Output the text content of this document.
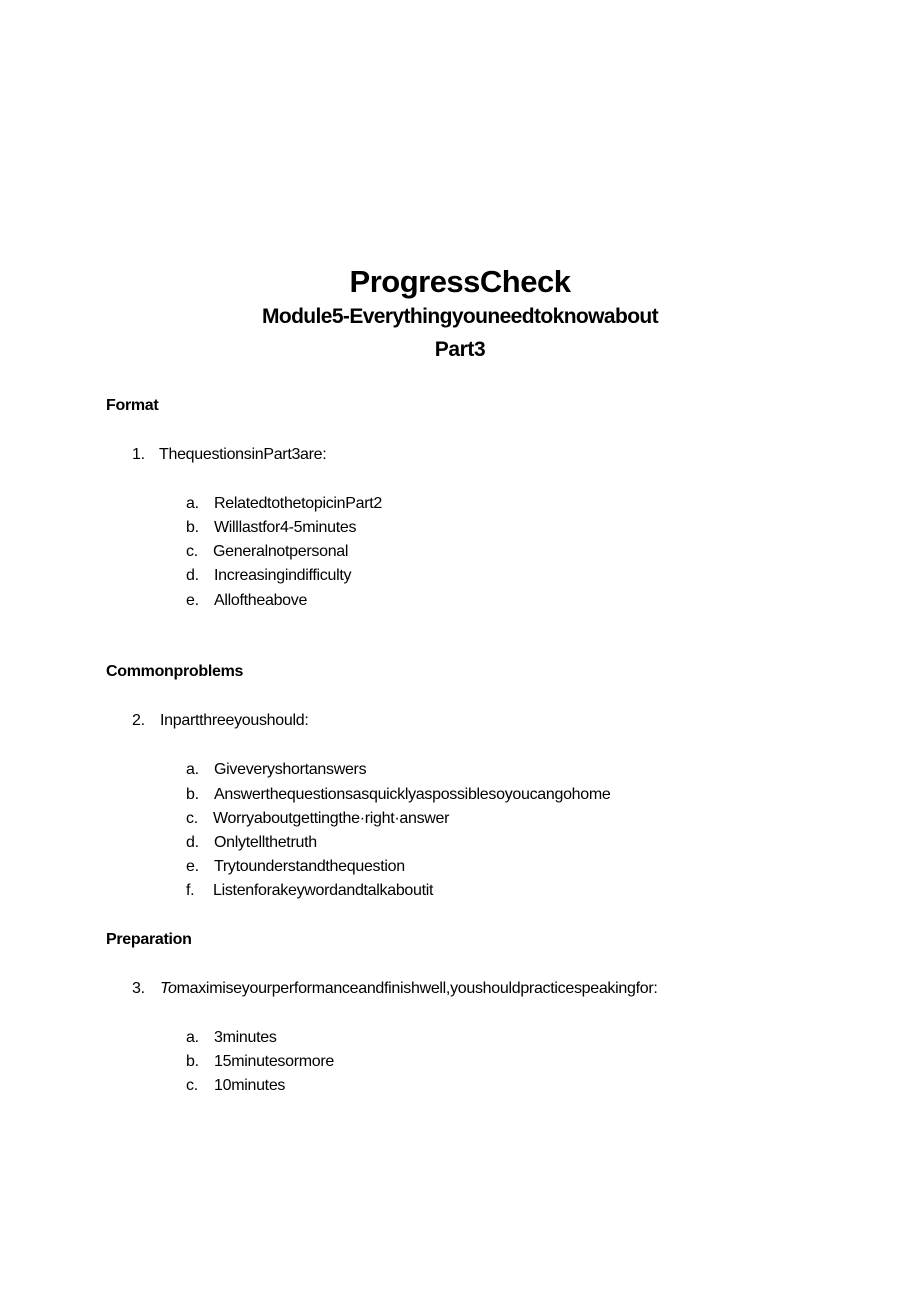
ProgressCheck
Module5-Everythingyouneedtoknowabout
Part3
Format
1. ThequestionsinPart3are:
a. RelatedtothetopicinPart2
b. Willlastfor4-5minutes
c. Generalnotpersonal
d. Increasingindifficulty
e. Alloftheabove
Commonproblems
2. Inpartthreeyoushould:
a. Giveveryshortanswers
b. Answerthequestionsasquicklyaspossiblesoyoucangohome
c. Worryaboutgettingthe·right·answer
d. Onlytellthetruth
e. Trytounderstandthequestion
f. Listenforakeywordandtalkaboutit
Preparation
3. Tomaximiseyourperformanceandfinishwell,youshouldpracticespeakingfor:
a. 3minutes
b. 15minutesormore
c. 10minutes
